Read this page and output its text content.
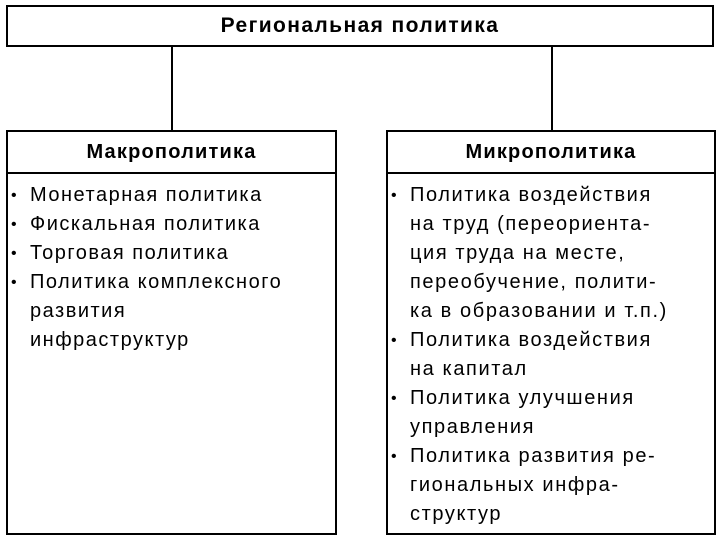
Региональная политика
Макрополитика
• Монетарная политика
• Фискальная политика
• Торговая политика
• Политика комплексного
развития
инфраструктур
Микрополитика
• Политика воздействия
на труд (переориента-
ция труда на месте,
переобучение, полити-
ка в образовании и т.п.)
• Политика воздействия
на капитал
• Политика улучшения
управления
• Политика развития ре-
гиональных инфра-
структур
